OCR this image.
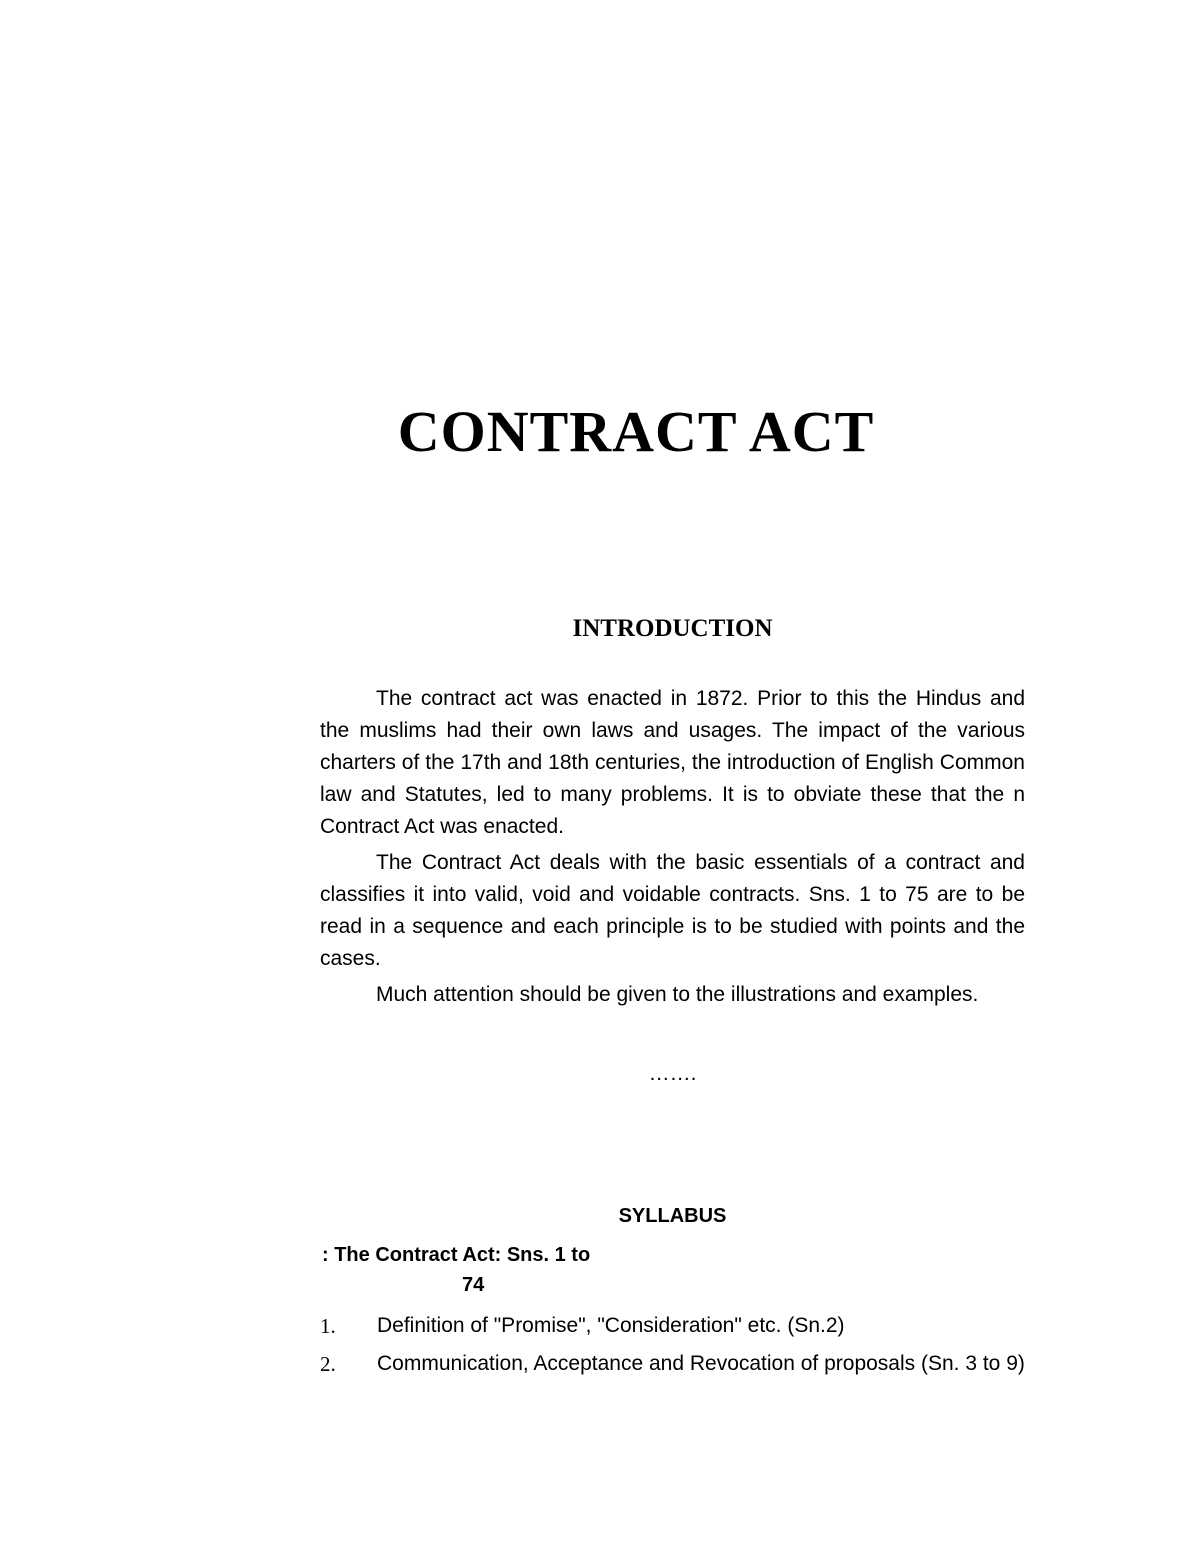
CONTRACT ACT
INTRODUCTION

The contract act was enacted in 1872. Prior to this the Hindus and the muslims had their own laws and usages. The impact of the various charters of the 17th and 18th centuries, the introduction of English Common law and Statutes, led to many problems. It is to obviate these that the n Contract Act was enacted.

The Contract Act deals with the basic essentials of a contract and classifies it into valid, void and voidable contracts. Sns. 1 to 75 are to be read in a sequence and each principle is to be studied with points and the cases.

Much attention should be given to the illustrations and examples.

…….
SYLLABUS
: The Contract Act: Sns. 1 to
74
1.	Definition of "Promise", "Consideration" etc. (Sn.2)
2.	Communication, Acceptance and Revocation of proposals (Sn. 3 to 9)
